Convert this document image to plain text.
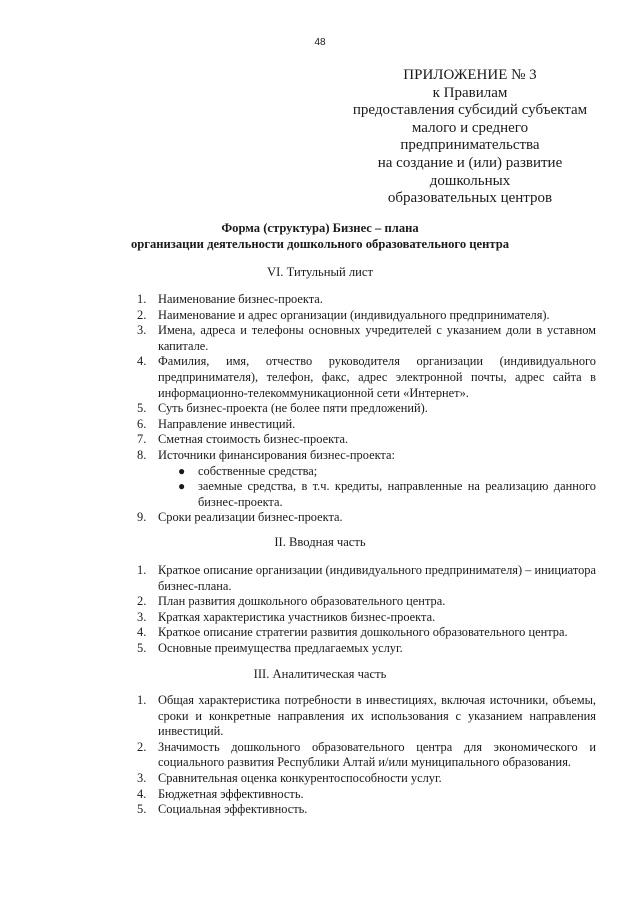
48
ПРИЛОЖЕНИЕ № 3
к Правилам
предоставления субсидий субъектам
малого и среднего
предпринимательства
на создание и (или) развитие
дошкольных
образовательных центров
Форма (структура) Бизнес – плана
организации деятельности дошкольного образовательного центра
VI. Титульный лист
1. Наименование бизнес-проекта.
2. Наименование и адрес организации (индивидуального предпринимателя).
3. Имена, адреса и телефоны основных учредителей с указанием доли в уставном капитале.
4. Фамилия, имя, отчество руководителя организации (индивидуального предпринимателя), телефон, факс, адрес электронной почты, адрес сайта в информационно-телекоммуникационной сети «Интернет».
5. Суть бизнес-проекта (не более пяти предложений).
6. Направление инвестиций.
7. Сметная стоимость бизнес-проекта.
8. Источники финансирования бизнес-проекта:
● собственные средства;
● заемные средства, в т.ч. кредиты, направленные на реализацию данного бизнес-проекта.
9. Сроки реализации бизнес-проекта.
II. Вводная часть
1. Краткое описание организации (индивидуального предпринимателя) – инициатора бизнес-плана.
2. План развития дошкольного образовательного центра.
3. Краткая характеристика участников бизнес-проекта.
4. Краткое описание стратегии развития дошкольного образовательного центра.
5. Основные преимущества предлагаемых услуг.
III. Аналитическая часть
1. Общая характеристика потребности в инвестициях, включая источники, объемы, сроки и конкретные направления их использования с указанием направления инвестиций.
2. Значимость дошкольного образовательного центра для экономического и социального развития Республики Алтай и/или муниципального образования.
3. Сравнительная оценка конкурентоспособности услуг.
4. Бюджетная эффективность.
5. Социальная эффективность.
